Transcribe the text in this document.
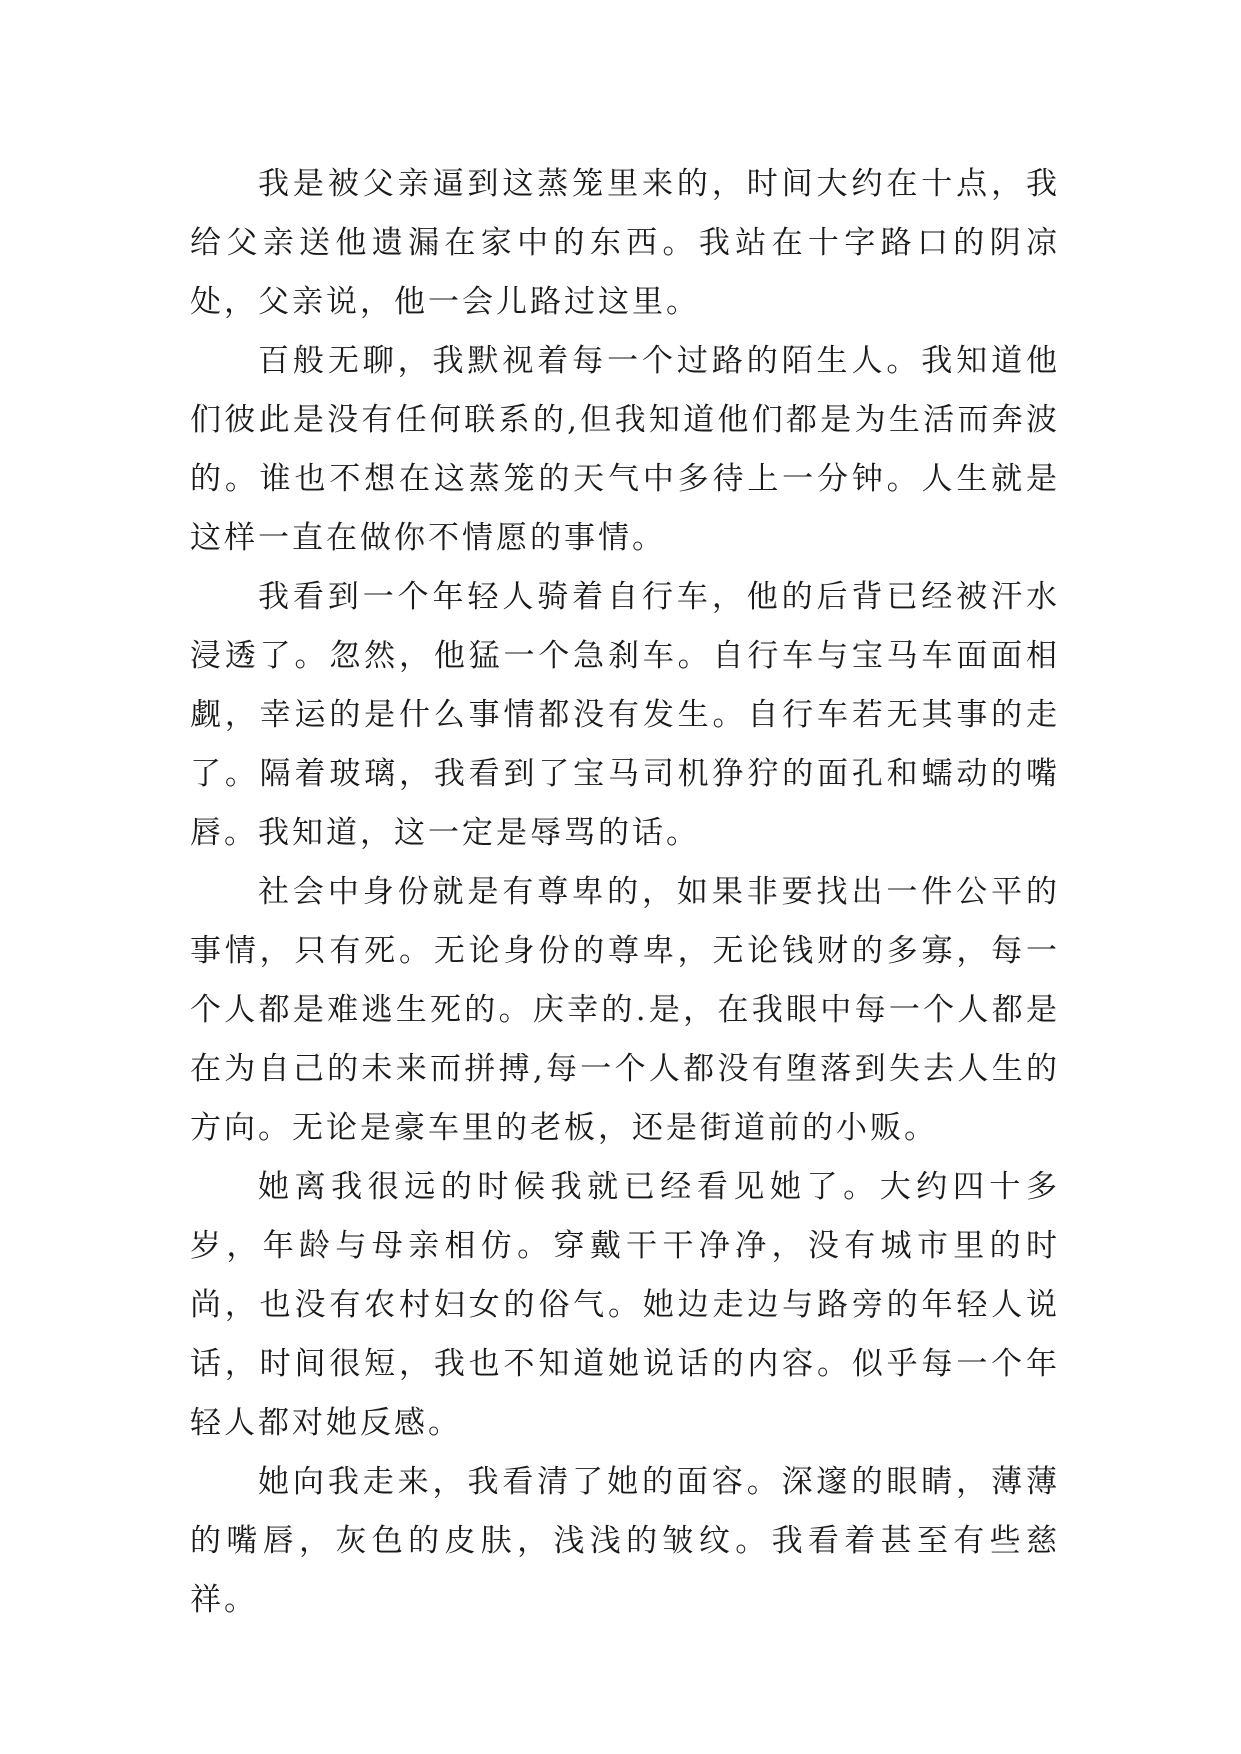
我是被父亲逼到这蒸笼里来的，时间大约在十点，我给父亲送他遗漏在家中的东西。我站在十字路口的阴凉处，父亲说，他一会儿路过这里。

百般无聊，我默视着每一个过路的陌生人。我知道他们彼此是没有任何联系的,但我知道他们都是为生活而奔波的。谁也不想在这蒸笼的天气中多待上一分钟。人生就是这样一直在做你不情愿的事情。

我看到一个年轻人骑着自行车，他的后背已经被汗水浸透了。忽然，他猛一个急刹车。自行车与宝马车面面相觑，幸运的是什么事情都没有发生。自行车若无其事的走了。隔着玻璃，我看到了宝马司机狰狞的面孔和蠕动的嘴唇。我知道，这一定是辱骂的话。

社会中身份就是有尊卑的，如果非要找出一件公平的事情，只有死。无论身份的尊卑，无论钱财的多寡，每一个人都是难逃生死的。庆幸的.是，在我眼中每一个人都是在为自己的未来而拼搏,每一个人都没有堕落到失去人生的方向。无论是豪车里的老板，还是街道前的小贩。

她离我很远的时候我就已经看见她了。大约四十多岁，年龄与母亲相仿。穿戴干干净净，没有城市里的时尚，也没有农村妇女的俗气。她边走边与路旁的年轻人说话，时间很短，我也不知道她说话的内容。似乎每一个年轻人都对她反感。

她向我走来，我看清了她的面容。深邃的眼睛，薄薄的嘴唇，灰色的皮肤，浅浅的皱纹。我看着甚至有些慈祥。
